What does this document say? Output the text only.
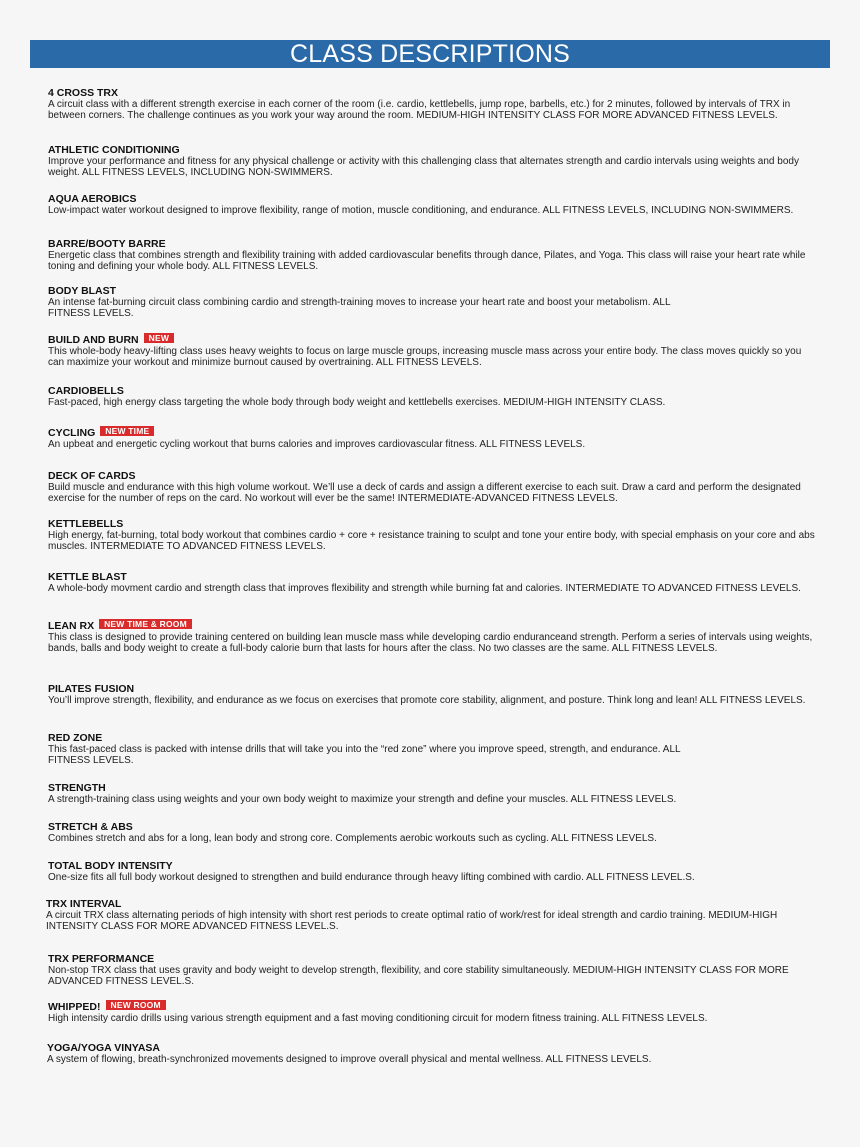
CLASS DESCRIPTIONS
4 CROSS TRX
A circuit class with a different strength exercise in each corner of the room (i.e. cardio, kettlebells, jump rope, barbells, etc.) for 2 minutes, followed by intervals of TRX in between corners. The challenge continues as you work your way around the room. MEDIUM-HIGH INTENSITY CLASS FOR MORE ADVANCED FITNESS LEVELS.
ATHLETIC CONDITIONING
Improve your performance and fitness for any physical challenge or activity with this challenging class that alternates strength and cardio intervals using weights and body weight. ALL FITNESS LEVELS, INCLUDING NON-SWIMMERS.
AQUA AEROBICS
Low-impact water workout designed to improve flexibility, range of motion, muscle conditioning, and endurance. ALL FITNESS LEVELS, INCLUDING NON-SWIMMERS.
BARRE/BOOTY BARRE
Energetic class that combines strength and flexibility training with added cardiovascular benefits through dance, Pilates, and Yoga. This class will raise your heart rate while toning and defining your whole body. ALL FITNESS LEVELS.
BODY BLAST
An intense fat-burning circuit class combining cardio and strength-training moves to increase your heart rate and boost your metabolism. ALL FITNESS LEVELS.
BUILD AND BURN	NEW
This whole-body heavy-lifting class uses heavy weights to focus on large muscle groups, increasing muscle mass across your entire body. The class moves quickly so you can maximize your workout and minimize burnout caused by overtraining. ALL FITNESS LEVELS.
CARDIOBELLS
Fast-paced, high energy class targeting the whole body through body weight and kettlebells exercises. MEDIUM-HIGH INTENSITY CLASS.
CYCLING	NEW TIME
An upbeat and energetic cycling workout that burns calories and improves cardiovascular fitness. ALL FITNESS LEVELS.
DECK OF CARDS
Build muscle and endurance with this high volume workout. We’ll use a deck of cards and assign a different exercise to each suit. Draw a card and perform the designated exercise for the number of reps on the card. No workout will ever be the same! INTERMEDIATE-ADVANCED FITNESS LEVELS.
KETTLEBELLS
High energy, fat-burning, total body workout that combines cardio + core + resistance training to sculpt and tone your entire body, with special emphasis on your core and abs muscles. INTERMEDIATE TO ADVANCED FITNESS LEVELS.
KETTLE BLAST
A whole-body movment cardio and strength class that improves flexibility and strength while burning fat and calories. INTERMEDIATE TO ADVANCED FITNESS LEVELS.
LEAN RX	NEW TIME & ROOM
This class is designed to provide training centered on building lean muscle mass while developing cardio enduranceand strength. Perform a series of intervals using weights, bands, balls and body weight to create a full-body calorie burn that lasts for hours after the class. No two classes are the same. ALL FITNESS LEVELS.
PILATES FUSION
You’ll improve strength, flexibility, and endurance as we focus on exercises that promote core stability, alignment, and posture. Think long and lean! ALL FITNESS LEVELS.
RED ZONE
This fast-paced class is packed with intense drills that will take you into the “red zone” where you improve speed, strength, and endurance. ALL FITNESS LEVELS.
STRENGTH
A strength-training class using weights and your own body weight to maximize your strength and define your muscles. ALL FITNESS LEVELS.
STRETCH & ABS
Combines stretch and abs for a long, lean body and strong core. Complements aerobic workouts such as cycling. ALL FITNESS LEVELS.
TOTAL BODY INTENSITY
One-size fits all full body workout designed to strengthen and build endurance through heavy lifting combined with cardio. ALL FITNESS LEVEL.S.
TRX INTERVAL
A circuit TRX class alternating periods of high intensity with short rest periods to create optimal ratio of work/rest for ideal strength and cardio training. MEDIUM-HIGH INTENSITY CLASS FOR MORE ADVANCED FITNESS LEVEL.S.
TRX PERFORMANCE
Non-stop TRX class that uses gravity and body weight to develop strength, flexibility, and core stability simultaneously. MEDIUM-HIGH INTENSITY CLASS FOR MORE ADVANCED FITNESS LEVEL.S.
WHIPPED!	NEW ROOM
High intensity cardio drills using various strength equipment and a fast moving conditioning circuit for modern fitness training. ALL FITNESS LEVELS.
YOGA/YOGA VINYASA
A system of flowing, breath-synchronized movements designed to improve overall physical and mental wellness. ALL FITNESS LEVELS.
